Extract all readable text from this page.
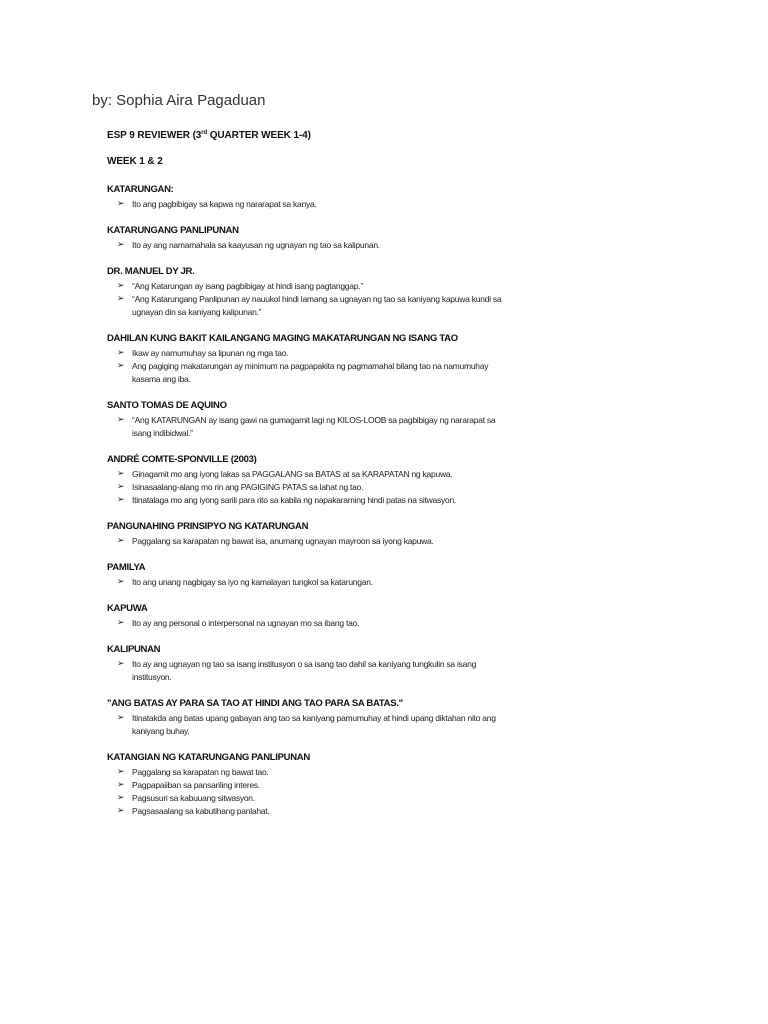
by: Sophia Aira Pagaduan
ESP 9 REVIEWER (3rd QUARTER WEEK 1-4)
WEEK 1 & 2
KATARUNGAN:
➢ Ito ang pagbibigay sa kapwa ng nararapat sa kanya.
KATARUNGANG PANLIPUNAN
➢ Ito ay ang namamahala sa kaayusan ng ugnayan ng tao sa kalipunan.
DR. MANUEL DY JR.
➢ “Ang Katarungan ay isang pagbibigay at hindi isang pagtanggap.”
➢ “Ang Katarungang Panlipunan ay nauukol hindi lamang sa ugnayan ng tao sa kaniyang kapuwa kundi sa ugnayan din sa kaniyang kalipunan.”
DAHILAN KUNG BAKIT KAILANGANG MAGING MAKATARUNGAN NG ISANG TAO
➢ Ikaw ay namumuhay sa lipunan ng mga tao.
➢ Ang pagiging makatarungan ay minimum na pagpapakita ng pagmamahal bilang tao na namumuhay kasama ang iba.
SANTO TOMAS DE AQUINO
➢ “Ang KATARUNGAN ay isang gawi na gumagamit lagi ng KILOS-LOOB sa pagbibigay ng nararapat sa isang indibidwal.”
ANDRÉ COMTE-SPONVILLE (2003)
➢ Ginagamit mo ang iyong lakas sa PAGGALANG sa BATAS at sa KARAPATAN ng kapuwa.
➢ Isinasaalang-alang mo rin ang PAGIGING PATAS sa lahat ng tao.
➢ Itinatalaga mo ang iyong sarili para rito sa kabila ng napakaraming hindi patas na sitwasyon.
PANGUNAHING PRINSIPYO NG KATARUNGAN
➢ Paggalang sa karapatan ng bawat isa, anumang ugnayan mayroon sa iyong kapuwa.
PAMILYA
➢ Ito ang unang nagbigay sa iyo ng kamalayan tungkol sa katarungan.
KAPUWA
➢ Ito ay ang personal o interpersonal na ugnayan mo sa ibang tao.
KALIPUNAN
➢ Ito ay ang ugnayan ng tao sa isang institusyon o sa isang tao dahil sa kaniyang tungkulin sa isang institusyon.
"ANG BATAS AY PARA SA TAO AT HINDI ANG TAO PARA SA BATAS."
➢ Itinatakda ang batas upang gabayan ang tao sa kaniyang pamumuhay at hindi upang diktahan nito ang kaniyang buhay.
KATANGIAN NG KATARUNGANG PANLIPUNAN
➢ Paggalang sa karapatan ng bawat tao.
➢ Pagpapaiiban sa pansariling interes.
➢ Pagsusuri sa kabuuang sitwasyon.
➢ Pagsasaalang sa kabutihang panlahat.
